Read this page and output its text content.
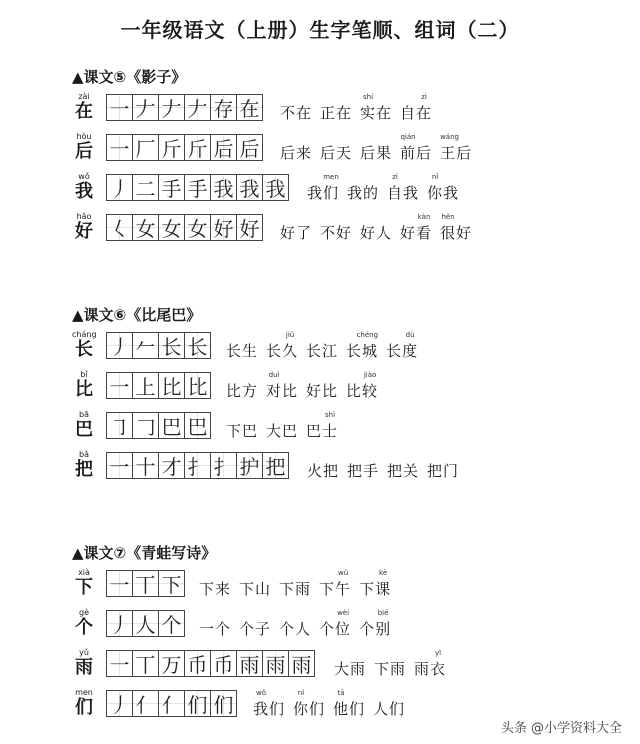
一年级语文（上册）生字笔顺、组词（二）
▲课文⑤《影子》
zài
在 一 𠂇 𠂇 𠂇 存 在 不在 正在
shí
实在
zì
自在
hòu
后 一 厂 斤 斤 后 后 后来 后天 后果
qián
前后
wáng
王后
wǒ
我 丿 二 手 手 我 我 我	men
我们 我的
zì
自我
nǐ
你我
hǎo
好 𡿨 女 女 女 好 好 好了 不好 好人
kàn
好看
hěn
很好
▲课文⑥《比尾巴》
cháng
长 丿 𠂉 长 长 长生
jiǔ
长久 长江
chéng
长城
dù
长度
bǐ
比 一 上 比 比 比方
duì
对比 好比
jiào
比较
bā
巴 ㇆ 𠃌 巴 巴 下巴 大巴
shì
巴士
bǎ
把 一 十 才 扌 扌 护 把 火把 把手 把关 把门
▲课文⑦《青蛙写诗》
xià
下 一 丅 下 下来 下山 下雨
wǔ
下午
kè
下课
gè
个 丿 人 个 一个 个子 个人
wèi
个位
bié
个别
yǔ
雨 一 丅 万 币 币 雨 雨 雨 大雨 下雨
yī
雨衣
men
们 丿 亻 亻 们 们	wǒ
我们
nǐ
你们
tā
他们 人们
头条 @小学资料大全
